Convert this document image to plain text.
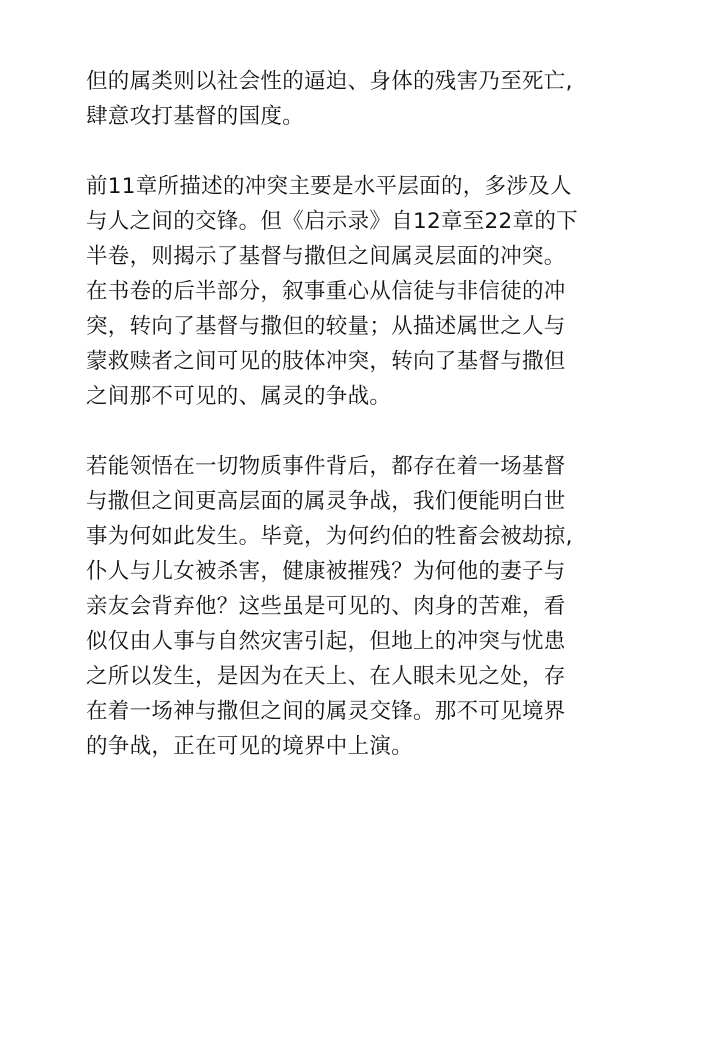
但的属类则以社会性的逼迫、身体的残害乃至死亡,
肆意攻打基督的国度。
前11章所描述的冲突主要是水平层面的，多涉及人
与人之间的交锋。但《启示录》自12章至22章的下
半卷，则揭示了基督与撒但之间属灵层面的冲突。
在书卷的后半部分，叙事重心从信徒与非信徒的冲
突，转向了基督与撒但的较量；从描述属世之人与
蒙救赎者之间可见的肢体冲突，转向了基督与撒但
之间那不可见的、属灵的争战。
若能领悟在一切物质事件背后，都存在着一场基督
与撒但之间更高层面的属灵争战，我们便能明白世
事为何如此发生。毕竟，为何约伯的牲畜会被劫掠,
仆人与儿女被杀害，健康被摧残？为何他的妻子与
亲友会背弃他？这些虽是可见的、肉身的苦难，看
似仅由人事与自然灾害引起，但地上的冲突与忧患
之所以发生，是因为在天上、在人眼未见之处，存
在着一场神与撒但之间的属灵交锋。那不可见境界
的争战，正在可见的境界中上演。
